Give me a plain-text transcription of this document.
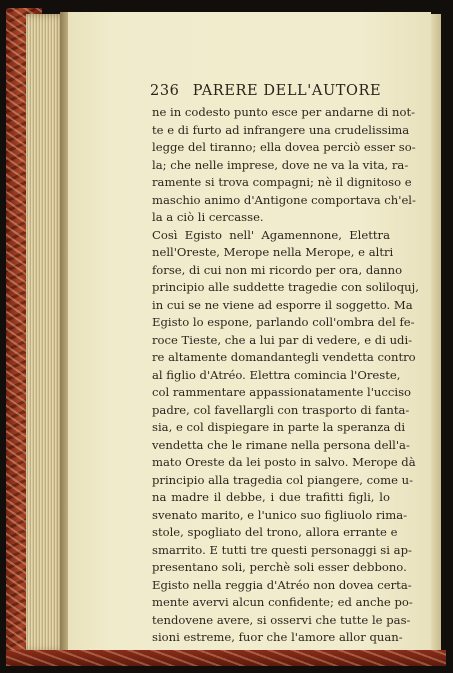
236 PARERE DELL'AUTORE
ne in codesto punto esce per andarne di not-
te e di furto ad infrangere una crudelissima
legge del tiranno; ella dovea perciò esser so-
la; che nelle imprese, dove ne va la vita, ra-
ramente si trova compagni; nè il dignitoso e
maschio animo d'Antigone comportava ch'el-
la a ciò li cercasse.
Così Egisto nell' Agamennone, Elettra
nell'Oreste, Merope nella Merope, e altri
forse, di cui non mi ricordo per ora, danno
principio alle suddette tragedie con soliloquj,
in cui se ne viene ad esporre il soggetto. Ma
Egisto lo espone, parlando coll'ombra del fe-
roce Tieste, che a lui par di vedere, e di udi-
re altamente domandantegli vendetta contro
al figlio d'Atréo. Elettra comincia l'Oreste,
col rammentare appassionatamente l'ucciso
padre, col favellargli con trasporto di fanta-
sia, e col dispiegare in parte la speranza di
vendetta che le rimane nella persona dell'a-
mato Oreste da lei posto in salvo. Merope dà
principio alla tragedia col piangere, come u-
na madre il debbe, i due trafitti figli, lo
svenato marito, e l'unico suo figliuolo rima-
stole, spogliato del trono, allora errante e
smarrito. E tutti tre questi personaggi si ap-
presentano soli, perchè soli esser debbono.
Egisto nella reggia d'Atréo non dovea certa-
mente avervi alcun confidente; ed anche po-
tendovene avere, si osservi che tutte le pas-
sioni estreme, fuor che l'amore allor quan-
